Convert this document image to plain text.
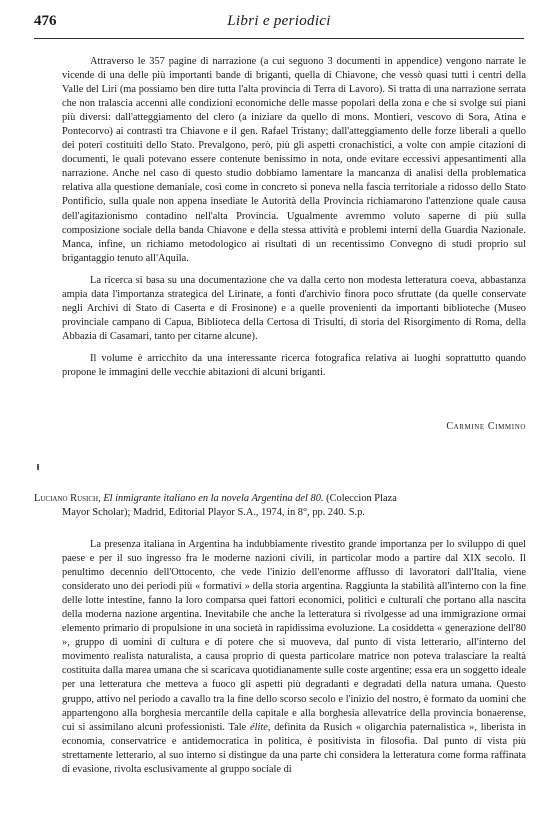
476	Libri e periodici

Attraverso le 357 pagine di narrazione (a cui seguono 3 documenti in appendice) vengono narrate le vicende di una delle più importanti bande di briganti, quella di Chiavone, che vessò quasi tutti i centri della Valle del Liri (ma possiamo ben dire tutta l'alta provincia di Terra di Lavoro). Si tratta di una narrazione serrata che non tralascia accenni alle condizioni economiche delle masse popolari della zona e che si svolge sui piani più diversi: dall'atteggiamento del clero (a iniziare da quello di mons. Montieri, vescovo di Sora, Atina e Pontecorvo) ai contrasti tra Chiavone e il gen. Rafael Tristany; dall'atteggiamento delle forze liberali a quello dei poteri costituiti dello Stato. Prevalgono, però, più gli aspetti cronachistici, a volte con ampie citazioni di documenti, le quali potevano essere contenute benissimo in nota, onde evitare eccessivi appesantimenti alla narrazione. Anche nel caso di questo studio dobbiamo lamentare la mancanza di analisi della problematica relativa alla questione demaniale, così come in concreto si poneva nella fascia territoriale a ridosso dello Stato Pontificio, sulla quale non appena insediate le Autorità della Provincia richiamarono l'attenzione quale causa dell'agitazionismo contadino nell'alta Provincia. Ugualmente avremmo voluto saperne di più sulla composizione sociale della banda Chiavone e della stessa attività e problemi interni della Guardia Nazionale. Manca, infine, un richiamo metodologico ai risultati di un recentissimo Convegno di studi proprio sul brigantaggio tenuto all'Aquila.

La ricerca si basa su una documentazione che va dalla certo non modesta letteratura coeva, abbastanza ampia data l'importanza strategica del Lirinate, a fonti d'archivio finora poco sfruttate (da quelle conservate negli Archivi di Stato di Caserta e di Frosinone) e a quelle provenienti da importanti biblioteche (Museo provinciale campano di Capua, Biblioteca della Certosa di Trisulti, di storia del Risorgimento di Roma, della Abbazia di Casamari, tanto per citarne alcune).

Il volume è arricchito da una interessante ricerca fotografica relativa ai luoghi soprattutto quando propone le immagini delle vecchie abitazioni di alcuni briganti.

Carmine Cimmino
Luciano Rusich, El inmigrante italiano en la novela Argentina del 80. (Coleccion Plaza
Mayor Scholar); Madrid, Editorial Playor S.A., 1974, in 8°, pp. 240. S.p.

La presenza italiana in Argentina ha indubbiamente rivestito grande importanza per lo sviluppo di quel paese e per il suo ingresso fra le moderne nazioni civili, in particolar modo a partire dal XIX secolo. Il penultimo decennio dell'Ottocento, che vede l'inizio dell'enorme afflusso di lavoratori dall'Italia, viene considerato uno dei periodi più « formativi » della storia argentina. Raggiunta la stabilità all'interno con la fine delle lotte intestine, fanno la loro comparsa quei fattori economici, politici e culturali che portano alla nascita della moderna nazione argentina. Inevitabile che anche la letteratura si rivolgesse ad una immigrazione ormai elemento primario di propulsione in una società in rapidissima evoluzione. La cosiddetta « generazione dell'80 », gruppo di uomini di cultura e di potere che si muoveva, dal punto di vista letterario, all'interno del movimento realista naturalista, a causa proprio di questa particolare matrice non poteva tralasciare la realtà costituita dalla marea umana che si scaricava quotidianamente sulle coste argentine; essa era un soggetto ideale per una letteratura che metteva a fuoco gli aspetti più degradanti e degradati della natura umana. Questo gruppo, attivo nel periodo a cavallo tra la fine dello scorso secolo e l'inizio del nostro, è formato da uomini che appartengono alla borghesia mercantile della capitale e alla borghesia allevatrice della provincia bonaerense, cui si assimilano alcuni professionisti. Tale élite, definita da Rusich « oligarchia paternalistica », liberista in economia, conservatrice e antidemocratica in politica, è positivista in filosofia. Dal punto di vista più strettamente letterario, al suo interno si distingue da una parte chi considera la letteratura come forma raffinata di evasione, rivolta esclusivamente al gruppo sociale di
